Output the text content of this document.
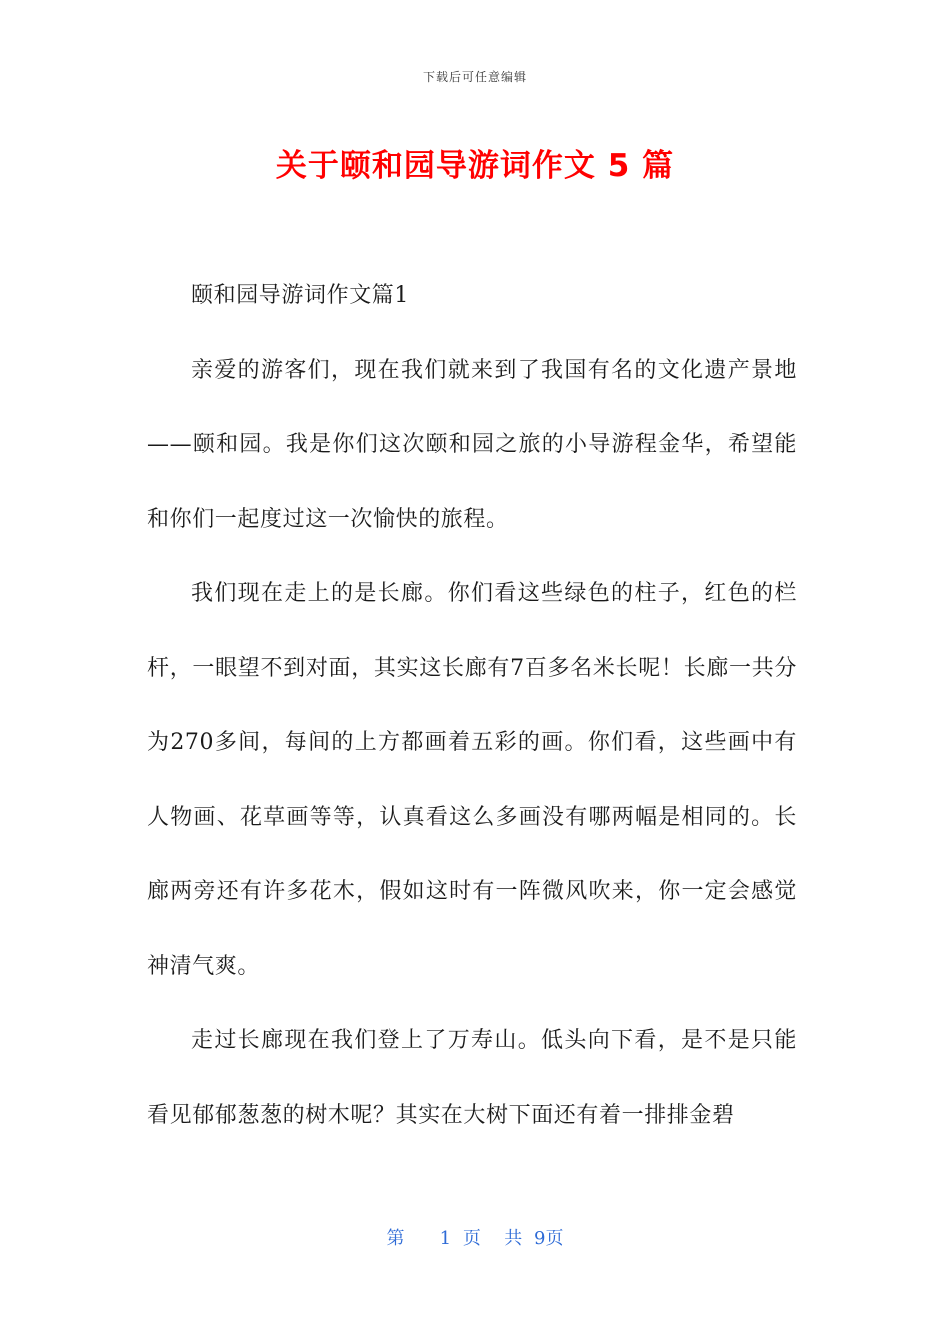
下载后可任意编辑
关于颐和园导游词作文 5 篇

颐和园导游词作文篇1

亲爱的游客们，现在我们就来到了我国有名的文化遗产景地——颐和园。我是你们这次颐和园之旅的小导游程金华，希望能和你们一起度过这一次愉快的旅程。

我们现在走上的是长廊。你们看这些绿色的柱子，红色的栏杆，一眼望不到对面，其实这长廊有7百多名米长呢！长廊一共分为270多间，每间的上方都画着五彩的画。你们看，这些画中有人物画、花草画等等，认真看这么多画没有哪两幅是相同的。长廊两旁还有许多花木，假如这时有一阵微风吹来，你一定会感觉神清气爽。

走过长廊现在我们登上了万寿山。低头向下看，是不是只能看见郁郁葱葱的树木呢？其实在大树下面还有着一排排金碧

第   1 页  共 9页
